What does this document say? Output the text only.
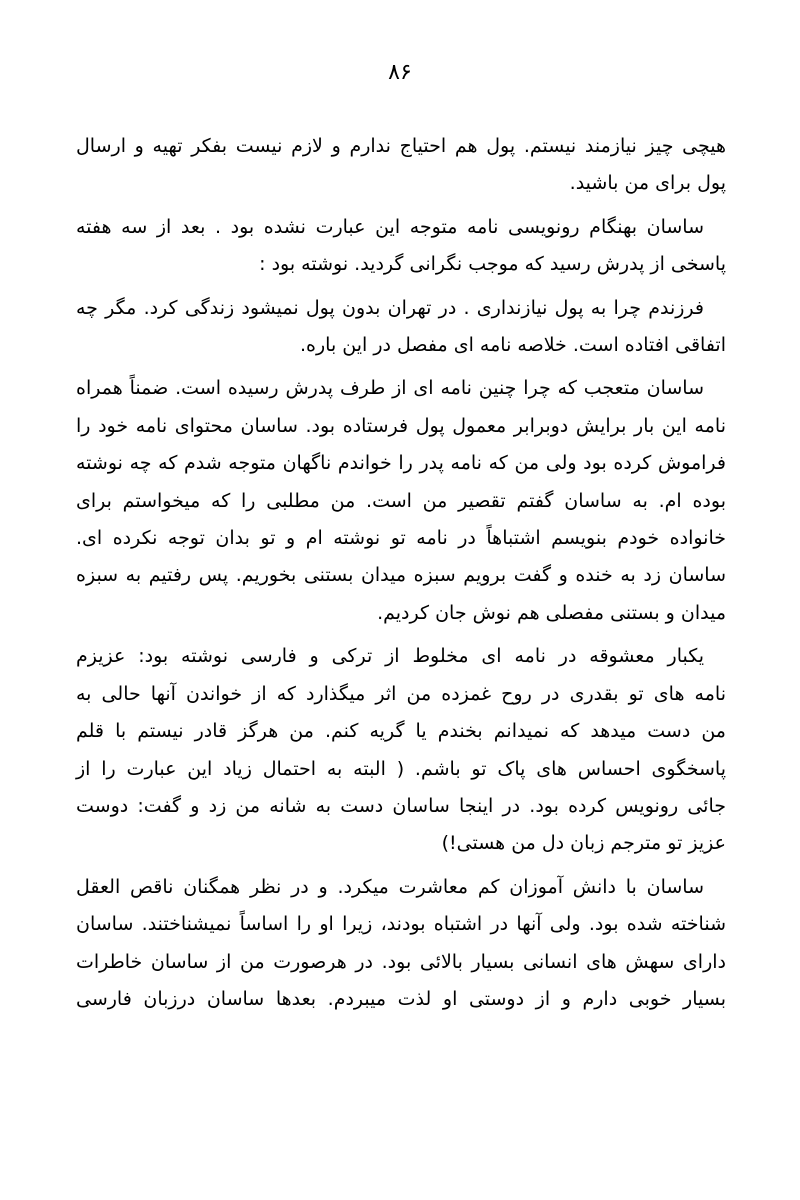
۸۶

هیچی چیز نیازمند نیستم. پول هم احتیاج ندارم و لازم نیست بفکر تهیه و ارسال
پول برای من باشید.

ساسان بهنگام رونویسی نامه متوجه این عبارت نشده بود . بعد از سه هفته
پاسخی از پدرش رسید که موجب نگرانی گردید. نوشته بود :

فرزندم چرا به پول نیازنداری . در تهران بدون پول نمیشود زندگی کرد. مگر چه
اتفاقی افتاده است. خلاصه نامه ای مفصل در این باره.

ساسان متعجب که چرا چنین نامه ای از طرف پدرش رسیده است. ضمناً همراه
نامه این بار برایش دوبرابر معمول پول فرستاده بود. ساسان محتوای نامه خود را
فراموش کرده بود ولی من که نامه پدر را خواندم ناگهان متوجه شدم که چه نوشته
بوده ام. به ساسان گفتم تقصیر من است. من مطلبی را که میخواستم برای
خانواده خودم بنویسم اشتباهاً در نامه تو نوشته ام و تو بدان توجه نکرده ای.
ساسان زد به خنده و گفت برویم سبزه میدان بستنی بخوریم. پس رفتیم به سبزه
میدان و بستنی مفصلی هم نوش جان کردیم.

یکبار معشوقه در نامه ای مخلوط از ترکی و فارسی نوشته بود: عزیزم
نامه های تو بقدری در روح غمزده من اثر میگذارد که از خواندن آنها حالی به
من دست میدهد که نمیدانم بخندم یا گریه کنم. من هرگز قادر نیستم با قلم
پاسخگوی احساس های پاک تو باشم. ( البته به احتمال زیاد این عبارت را از
جائی رونویس کرده بود. در اینجا ساسان دست به شانه من زد و گفت: دوست
عزیز تو مترجم زبان دل من هستی!)

ساسان با دانش آموزان کم معاشرت میکرد. و در نظر همگنان ناقص العقل
شناخته شده بود. ولی آنها در اشتباه بودند، زیرا او را اساساً نمیشناختند. ساسان
دارای سهش های انسانی بسیار بالائی بود. در هرصورت من از ساسان خاطرات
بسیار خوبی دارم و از دوستی او لذت میبردم. بعدها ساسان درزبان فارسی
